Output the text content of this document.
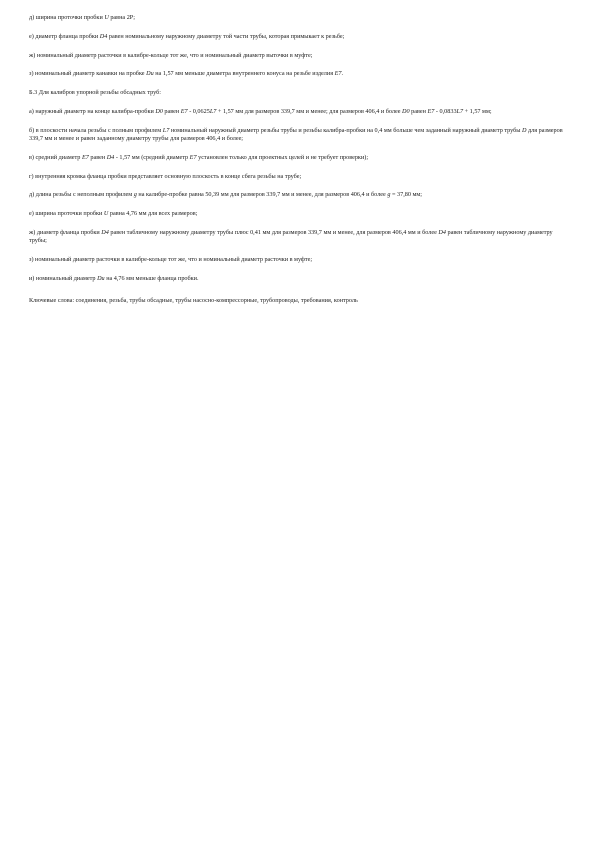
д) ширина проточки пробки U равна 2P;

е) диаметр фланца пробки D4 равен номинальному наружному диаметру той части трубы, которая примыкает к резьбе;

ж) номинальный диаметр расточки в калибре-кольце тот же, что и номинальный диаметр выточки в муфте;

з) номинальный диаметр канавки на пробке Du на 1,57 мм меньше диаметра внутреннего конуса на резьбе изделия E7.

Б.3 Для калибров упорной резьбы обсадных труб:

а) наружный диаметр на конце калибра-пробки D0 равен E7 - 0,0625L7 + 1,57 мм для размеров 339,7 мм и менее; для размеров 406,4 и более D0 равен E7 - 0,0833L7 + 1,57 мм;

б) в плоскости начала резьбы с полным профилем L7 номинальный наружный диаметр резьбы трубы и резьбы калибра-пробки на 0,4 мм больше чем заданный наружный диаметр трубы D для размеров 339,7 мм и менее и равен заданному диаметру трубы для размеров 406,4 и более;

в) средний диаметр E7 равен D4 - 1,57 мм (средний диаметр E7 установлен только для проектных целей и не требует проверки);

г) внутренняя кромка фланца пробки представляет основную плоскость в конце сбега резьбы на трубе;

д) длина резьбы с неполным профилем g на калибре-пробке равна 50,39 мм для размеров 339,7 мм и менее, для размеров 406,4 и более g = 37,80 мм;

е) ширина проточки пробки U равна 4,76 мм для всех размеров;

ж) диаметр фланца пробки D4 равен табличному наружному диаметру трубы плюс 0,41 мм для размеров 339,7 мм и менее, для размеров 406,4 мм и более D4 равен табличному наружному диаметру трубы;

з) номинальный диаметр расточки в калибре-кольце тот же, что и номинальный диаметр расточки в муфте;

и) номинальный диаметр Du на 4,76 мм меньше фланца пробки.

Ключевые слова: соединения, резьба, трубы обсадные, трубы насосно-компрессорные, трубопроводы, требования, контроль
